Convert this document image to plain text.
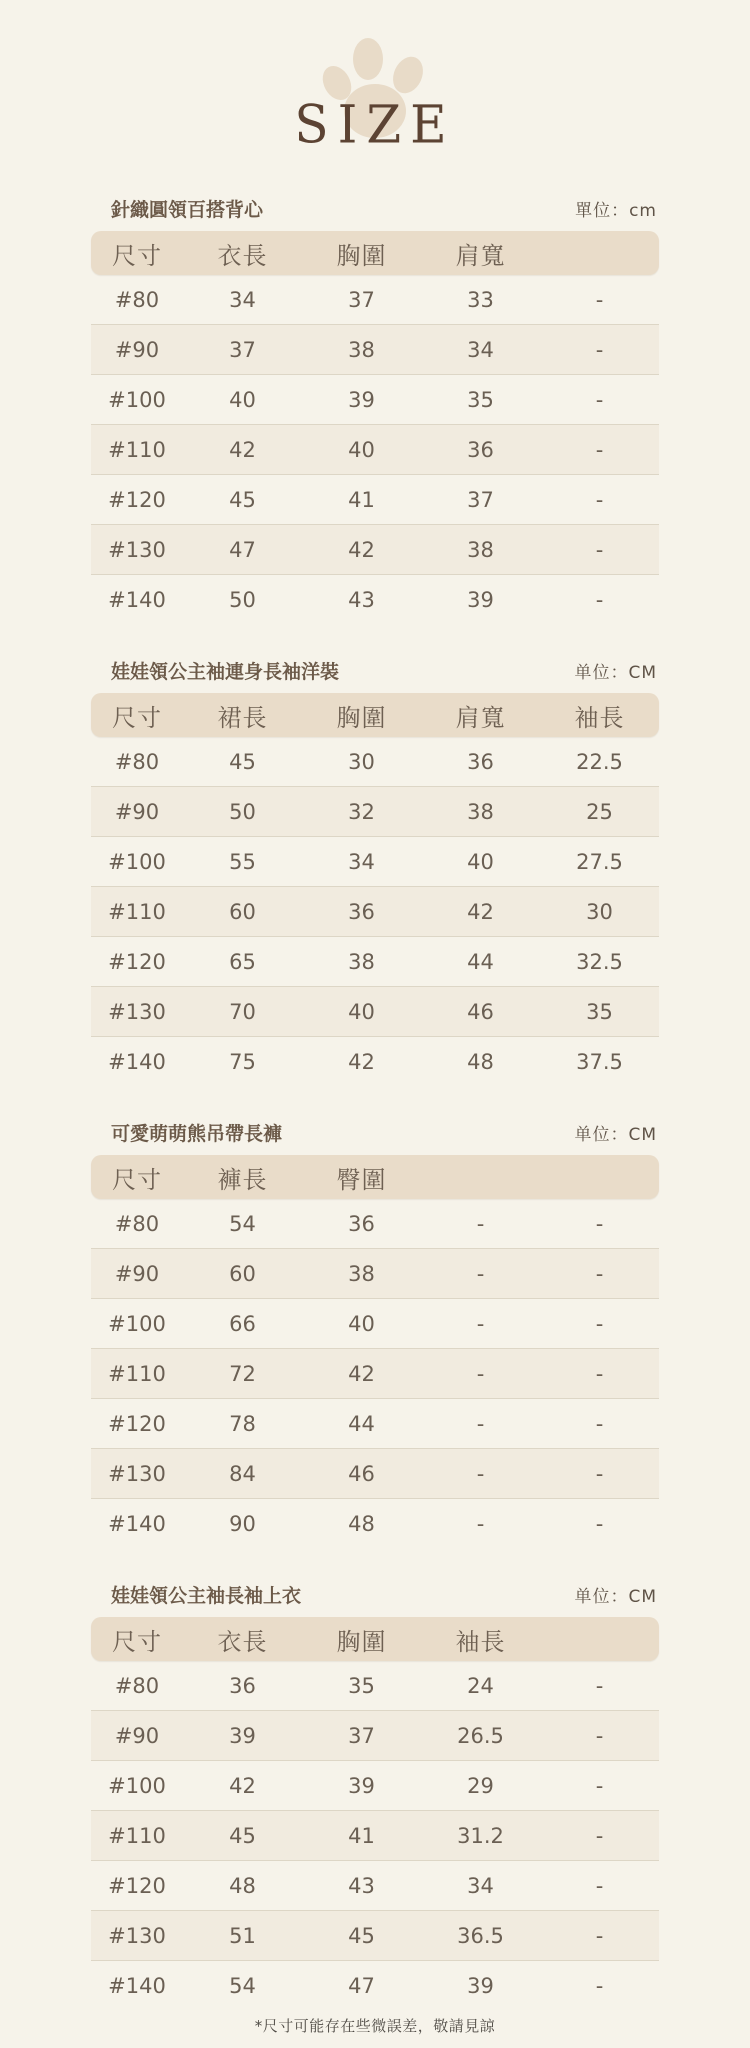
SIZE
針織圓領百搭背心	單位：cm
尺寸	衣長	胸圍	肩寬
#80	34	37	33	-
#90	37	38	34	-
#100	40	39	35	-
#110	42	40	36	-
#120	45	41	37	-
#130	47	42	38	-
#140	50	43	39	-
娃娃領公主袖連身長袖洋裝	单位：CM
尺寸	裙長	胸圍	肩寬	袖長
#80	45	30	36	22.5
#90	50	32	38	25
#100	55	34	40	27.5
#110	60	36	42	30
#120	65	38	44	32.5
#130	70	40	46	35
#140	75	42	48	37.5
可愛萌萌熊吊帶長褲	单位：CM
尺寸	褲長	臀圍
#80	54	36	-	-
#90	60	38	-	-
#100	66	40	-	-
#110	72	42	-	-
#120	78	44	-	-
#130	84	46	-	-
#140	90	48	-	-
娃娃領公主袖長袖上衣	单位：CM
尺寸	衣長	胸圍	袖長
#80	36	35	24	-
#90	39	37	26.5	-
#100	42	39	29	-
#110	45	41	31.2	-
#120	48	43	34	-
#130	51	45	36.5	-
#140	54	47	39	-
*尺寸可能存在些微誤差，敬請見諒
